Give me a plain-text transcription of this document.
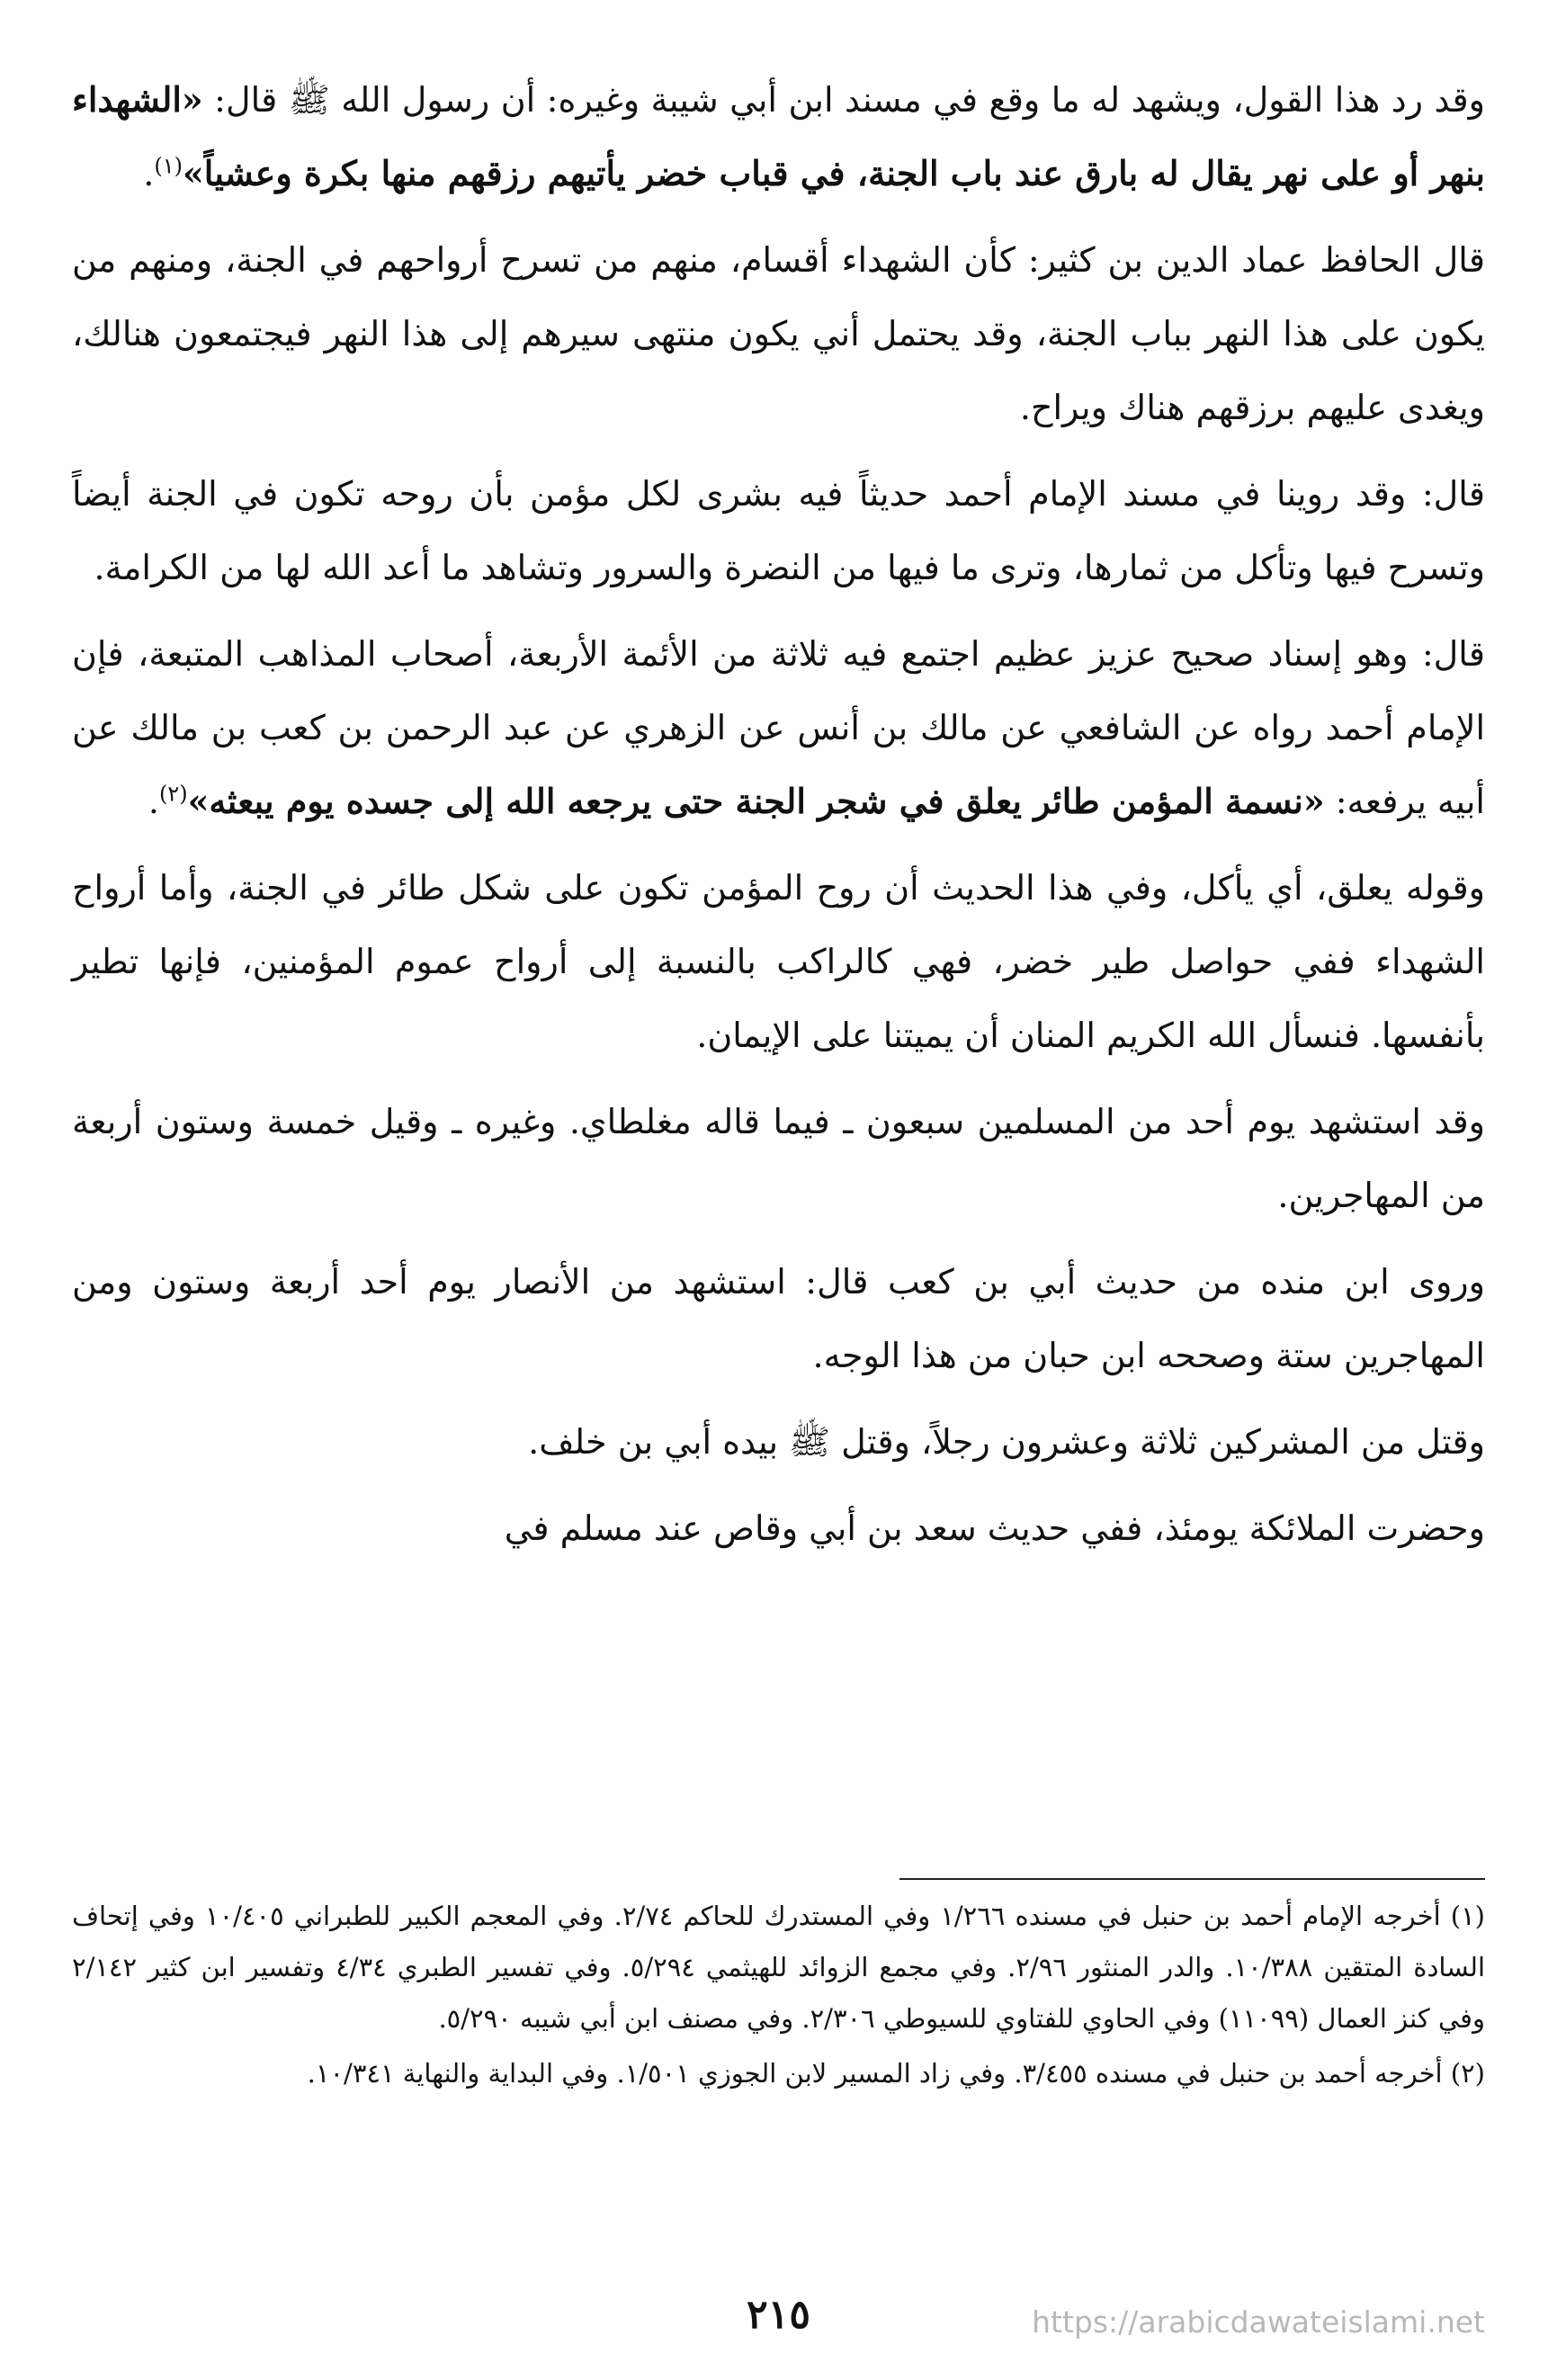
وقد رد هذا القول، ويشهد له ما وقع في مسند ابن أبي شيبة وغيره: أن رسول الله ﷺ قال: «الشهداء بنهر أو على نهر يقال له بارق عند باب الجنة، في قباب خضر يأتيهم رزقهم منها بكرة وعشياً»$^{(١)}$.

قال الحافظ عماد الدين بن كثير: كأن الشهداء أقسام، منهم من تسرح أرواحهم في الجنة، ومنهم من يكون على هذا النهر بباب الجنة، وقد يحتمل أني يكون منتهى سيرهم إلى هذا النهر فيجتمعون هنالك، ويغدى عليهم برزقهم هناك ويراح.

قال: وقد روينا في مسند الإمام أحمد حديثاً فيه بشرى لكل مؤمن بأن روحه تكون في الجنة أيضاً وتسرح فيها وتأكل من ثمارها، وترى ما فيها من النضرة والسرور وتشاهد ما أعد الله لها من الكرامة.

قال: وهو إسناد صحيح عزيز عظيم اجتمع فيه ثلاثة من الأئمة الأربعة، أصحاب المذاهب المتبعة، فإن الإمام أحمد رواه عن الشافعي عن مالك بن أنس عن الزهري عن عبد الرحمن بن كعب بن مالك عن أبيه يرفعه: «نسمة المؤمن طائر يعلق في شجر الجنة حتى يرجعه الله إلى جسده يوم يبعثه»$^{(٢)}$.

وقوله يعلق، أي يأكل، وفي هذا الحديث أن روح المؤمن تكون على شكل طائر في الجنة، وأما أرواح الشهداء ففي حواصل طير خضر، فهي كالراكب بالنسبة إلى أرواح عموم المؤمنين، فإنها تطير بأنفسها. فنسأل الله الكريم المنان أن يميتنا على الإيمان.

وقد استشهد يوم أحد من المسلمين سبعون ـ فيما قاله مغلطاي. وغيره ـ وقيل خمسة وستون أربعة من المهاجرين.

وروى ابن منده من حديث أبي بن كعب قال: استشهد من الأنصار يوم أحد أربعة وستون ومن المهاجرين ستة وصححه ابن حبان من هذا الوجه.

وقتل من المشركين ثلاثة وعشرون رجلاً، وقتل ﷺ بيده أبي بن خلف.

وحضرت الملائكة يومئذ، ففي حديث سعد بن أبي وقاص عند مسلم في

(١) أخرجه الإمام أحمد بن حنبل في مسنده ١/٢٦٦ وفي المستدرك للحاكم ٢/٧٤. وفي المعجم الكبير للطبراني ١٠/٤٠٥ وفي إتحاف السادة المتقين ١٠/٣٨٨. والدر المنثور ٢/٩٦. وفي مجمع الزوائد للهيثمي ٥/٢٩٤. وفي تفسير الطبري ٤/٣٤ وتفسير ابن كثير ٢/١٤٢ وفي كنز العمال (١١٠٩٩) وفي الحاوي للفتاوي للسيوطي ٢/٣٠٦. وفي مصنف ابن أبي شيبه ٥/٢٩٠.

(٢) أخرجه أحمد بن حنبل في مسنده ٣/٤٥٥. وفي زاد المسير لابن الجوزي ١/٥٠١. وفي البداية والنهاية ١٠/٣٤١.

٢١٥	https://arabicdawateislami.net
